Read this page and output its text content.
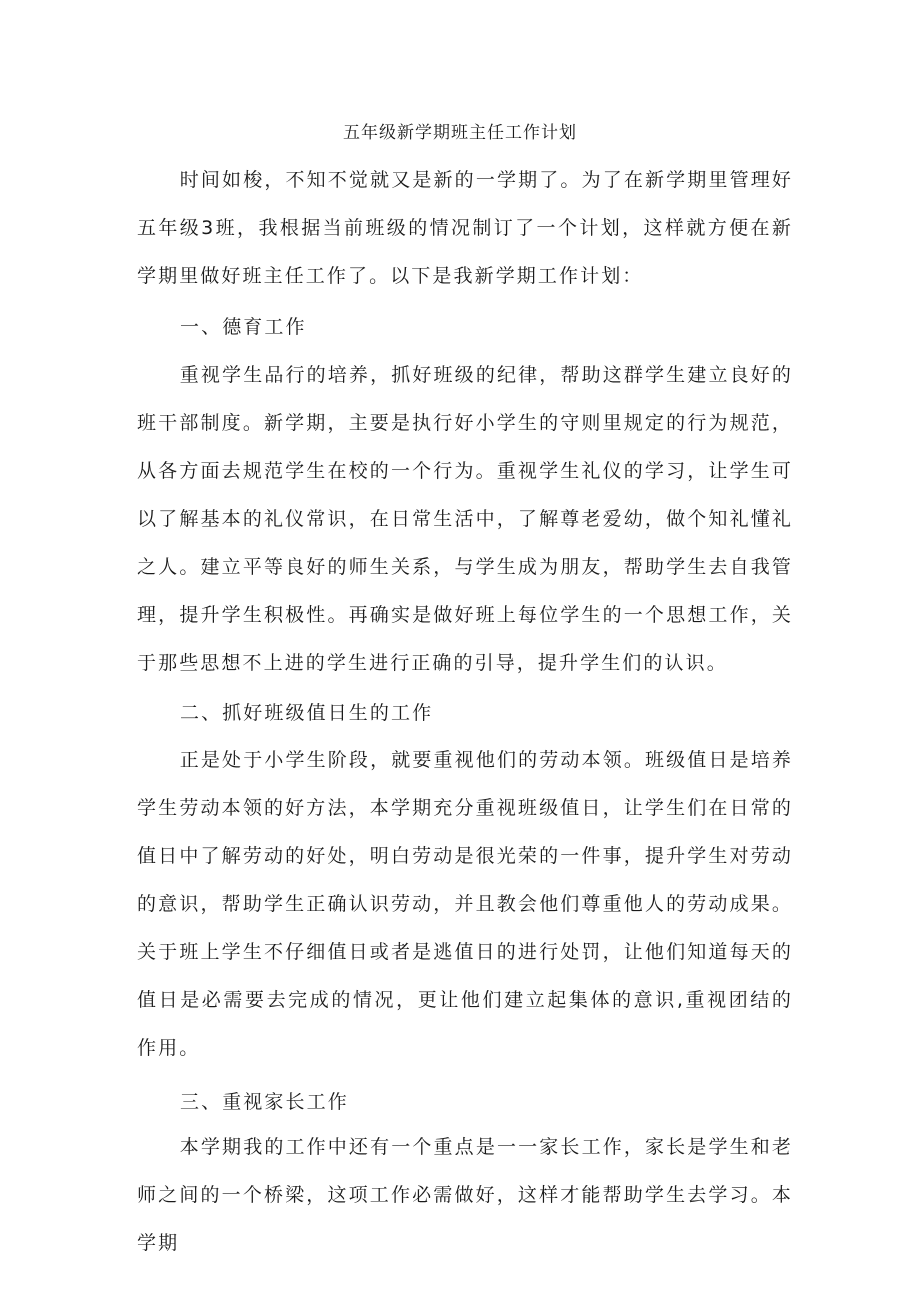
五年级新学期班主任工作计划
时间如梭，不知不觉就又是新的一学期了。为了在新学期里管理好五年级3班，我根据当前班级的情况制订了一个计划，这样就方便在新学期里做好班主任工作了。以下是我新学期工作计划：
一、德育工作
重视学生品行的培养，抓好班级的纪律，帮助这群学生建立良好的班干部制度。新学期，主要是执行好小学生的守则里规定的行为规范，从各方面去规范学生在校的一个行为。重视学生礼仪的学习，让学生可以了解基本的礼仪常识，在日常生活中，了解尊老爱幼，做个知礼懂礼之人。建立平等良好的师生关系，与学生成为朋友，帮助学生去自我管理，提升学生积极性。再确实是做好班上每位学生的一个思想工作，关于那些思想不上进的学生进行正确的引导，提升学生们的认识。
二、抓好班级值日生的工作
正是处于小学生阶段，就要重视他们的劳动本领。班级值日是培养学生劳动本领的好方法，本学期充分重视班级值日，让学生们在日常的值日中了解劳动的好处，明白劳动是很光荣的一件事，提升学生对劳动的意识，帮助学生正确认识劳动，并且教会他们尊重他人的劳动成果。关于班上学生不仔细值日或者是逃值日的进行处罚，让他们知道每天的值日是必需要去完成的情况，更让他们建立起集体的意识,重视团结的作用。
三、重视家长工作
本学期我的工作中还有一个重点是一一家长工作，家长是学生和老师之间的一个桥梁，这项工作必需做好，这样才能帮助学生去学习。本学期
